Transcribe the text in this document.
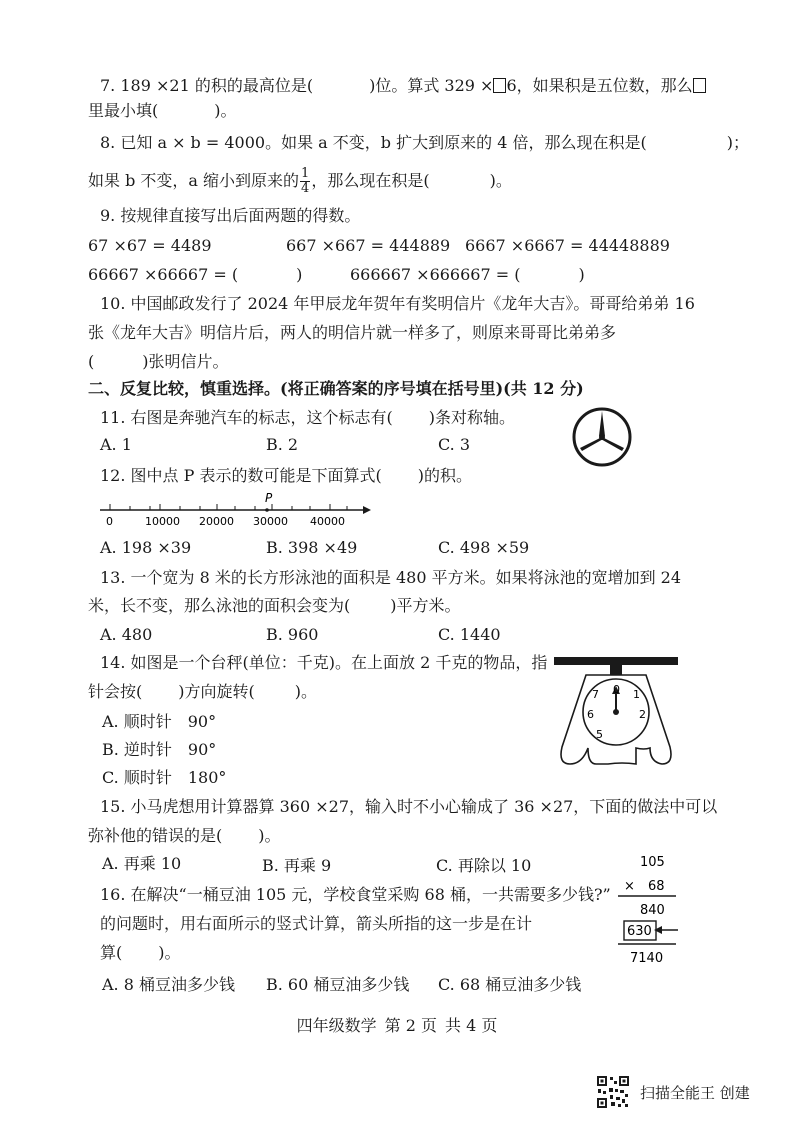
7. 189 ×21 的积的最高位是(	)位。算式 329 × 6，如果积是五位数，那么
里最小填(	)。
8. 已知 a × b = 4000。如果 a 不变，b 扩大到原来的 4 倍，那么现在积是(	)；
如果 b 不变，a 缩小到原来的 $\frac{1}{4}$ ，那么现在积是(	)。
9. 按规律直接写出后面两题的得数。
67 ×67 = 4489	667 ×667 = 444889 6667 ×6667 = 44448889
66667 ×66667 = (	)	666667 ×666667 = (	)
10. 中国邮政发行了 2024 年甲辰龙年贺年有奖明信片《龙年大吉》。哥哥给弟弟 16
张《龙年大吉》明信片后，两人的明信片就一样多了，则原来哥哥比弟弟多
(	)张明信片。
二、反复比较，慎重选择。(将正确答案的序号填在括号里)(共 12 分)
11. 右图是奔驰汽车的标志，这个标志有( )条对称轴。
A. 1	B. 2	C. 3
12. 图中点 P 表示的数可能是下面算式( )的积。
P
0	10000 20000 30000 40000
A. 198 ×39	B. 398 ×49	C. 498 ×59
13. 一个宽为 8 米的长方形泳池的面积是 480 平方米。如果将泳池的宽增加到 24
米，长不变，那么泳池的面积会变为(	)平方米。
A. 480	B. 960	C. 1440
14. 如图是一个台秤(单位：千克)。在上面放 2 千克的物品，指
针会按( )方向旋转(	)。
A. 顺时针　90°
B. 逆时针　90°
C. 顺时针　180°
0 1
2
7
6
5
15. 小马虎想用计算器算 360 ×27，输入时不小心输成了 36 ×27，下面的做法中可以
弥补他的错误的是( )。
A. 再乘 10	B. 再乘 9	C. 再除以 10
16. 在解决“一桶豆油 105 元，学校食堂采购 68 桶，一共需要多少钱?”
的问题时，用右面所示的竖式计算，箭头所指的这一步是在计
算( )。
A. 8 桶豆油多少钱 B. 60 桶豆油多少钱 C. 68 桶豆油多少钱
105
× 68
840
630
7140
四年级数学 第 2 页 共 4 页
扫描全能王 创建
